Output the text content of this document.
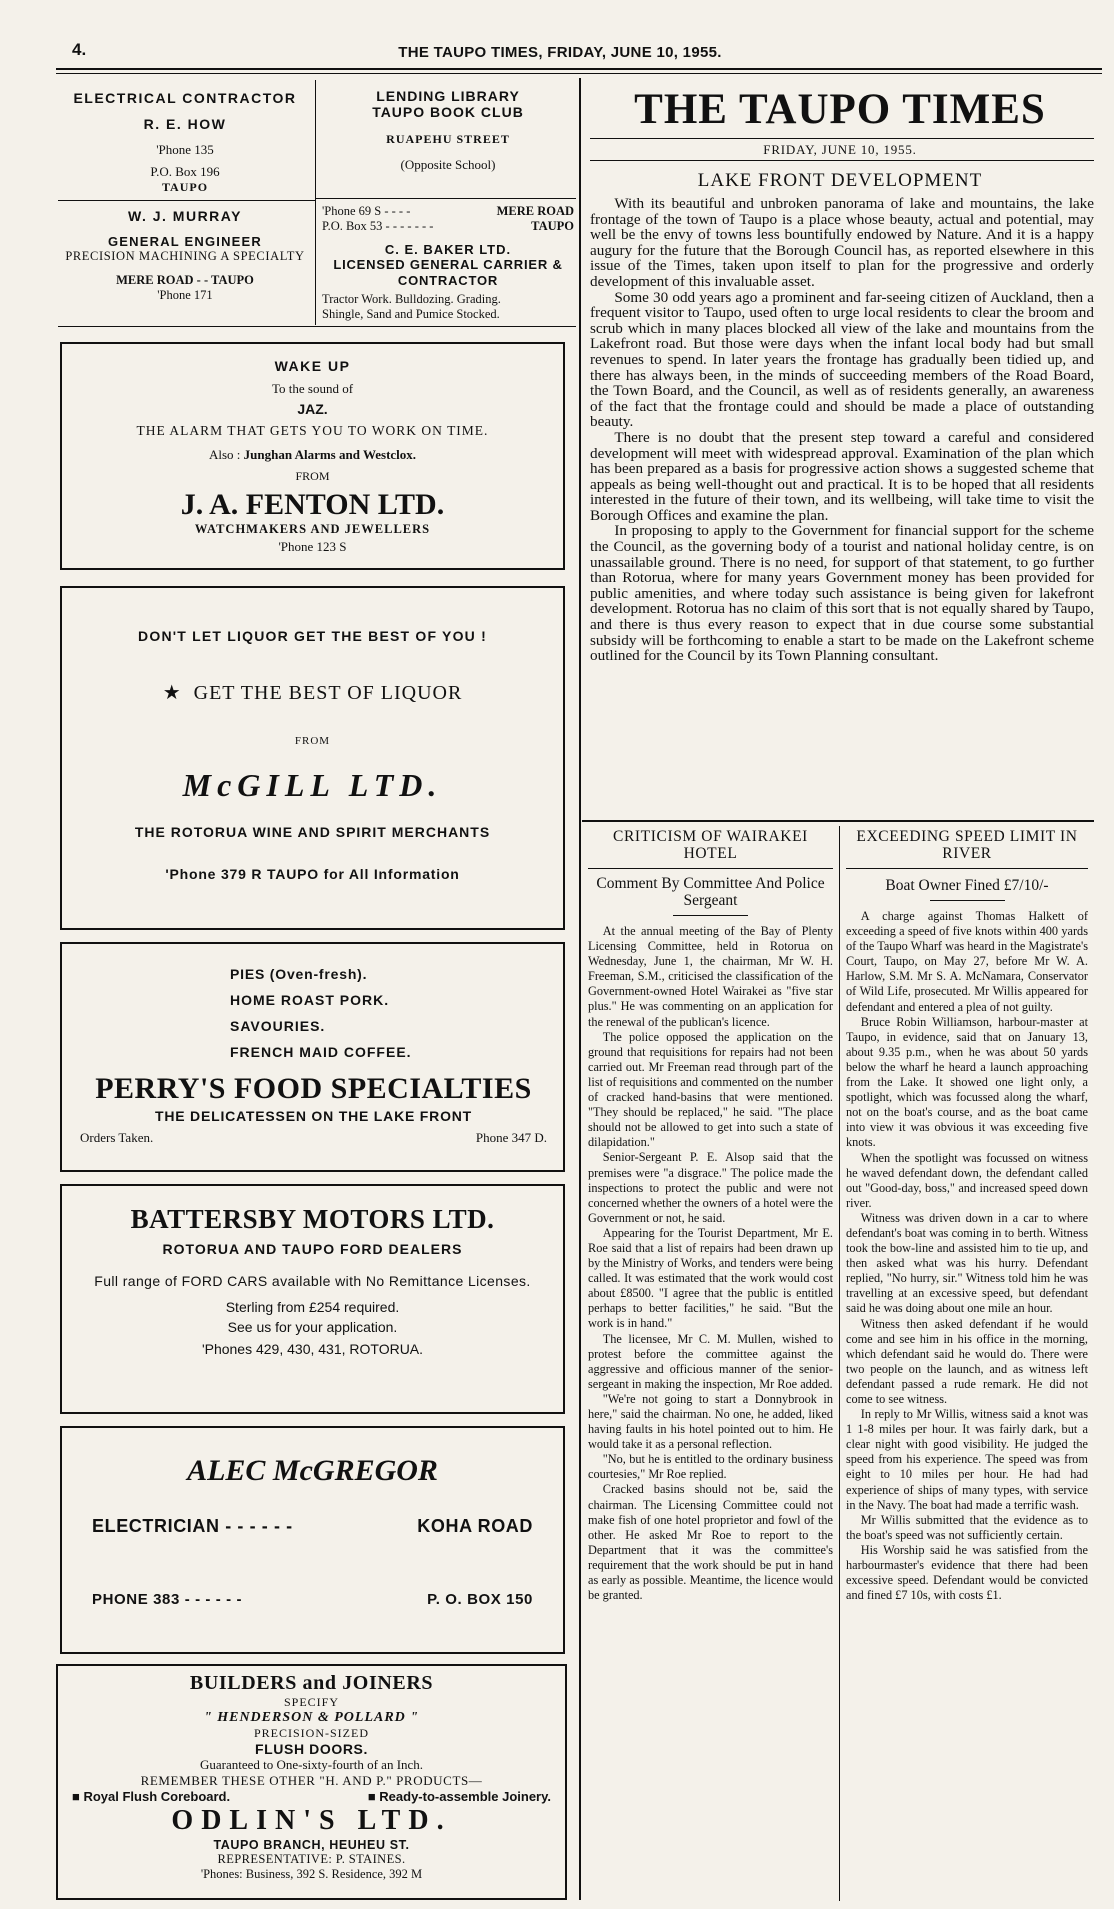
4.	THE TAUPO TIMES, FRIDAY, JUNE 10, 1955.
ELECTRICAL CONTRACTOR
R. E. HOW
'Phone 135
P.O. Box 196
TAUPO
LENDING LIBRARY
TAUPO BOOK CLUB
RUAPEHU STREET
(Opposite School)
W. J. MURRAY
GENERAL ENGINEER
PRECISION MACHINING A SPECIALTY
MERE ROAD - - TAUPO
'Phone 171
'Phone 69 S - - - -	MERE ROAD
P.O. Box 53 - - - - - - -	TAUPO
C. E. BAKER LTD.
LICENSED GENERAL CARRIER & CONTRACTOR
Tractor Work. Bulldozing. Grading.
Shingle, Sand and Pumice Stocked.
WAKE UP
To the sound of
JAZ.
THE ALARM THAT GETS YOU TO WORK ON TIME.
Also : Junghan Alarms and Westclox.
FROM
J. A. FENTON LTD.
WATCHMAKERS AND JEWELLERS
'Phone 123 S
DON'T LET LIQUOR GET THE BEST OF YOU !
★ GET THE BEST OF LIQUOR
FROM
McGILL LTD.
THE ROTORUA WINE AND SPIRIT MERCHANTS
'Phone 379 R TAUPO for All Information
PIES (Oven-fresh).
HOME ROAST PORK.
SAVOURIES.
FRENCH MAID COFFEE.
PERRY'S FOOD SPECIALTIES
THE DELICATESSEN ON THE LAKE FRONT
Orders Taken.	Phone 347 D.
BATTERSBY MOTORS LTD.
ROTORUA AND TAUPO FORD DEALERS
Full range of FORD CARS available with No Remittance Licenses.
Sterling from £254 required.
See us for your application.
'Phones 429, 430, 431, ROTORUA.
ALEC McGREGOR
ELECTRICIAN - - - - - -	KOHA ROAD
PHONE 383 - - - - - -	P. O. BOX 150
BUILDERS and JOINERS
SPECIFY
" HENDERSON & POLLARD "
PRECISION-SIZED
FLUSH DOORS.
Guaranteed to One-sixty-fourth of an Inch.
REMEMBER THESE OTHER "H. AND P." PRODUCTS—
■ Royal Flush Coreboard.	■ Ready-to-assemble Joinery.
ODLIN'S LTD.
TAUPO BRANCH, HEUHEU ST.
REPRESENTATIVE: P. STAINES.
'Phones: Business, 392 S. Residence, 392 M
THE TAUPO TIMES
FRIDAY, JUNE 10, 1955.
LAKE FRONT DEVELOPMENT

With its beautiful and unbroken panorama of lake and mountains, the lake frontage of the town of Taupo is a place whose beauty, actual and potential, may well be the envy of towns less bountifully endowed by Nature. And it is a happy augury for the future that the Borough Council has, as reported elsewhere in this issue of the Times, taken upon itself to plan for the progressive and orderly development of this invaluable asset.

Some 30 odd years ago a prominent and far-seeing citizen of Auckland, then a frequent visitor to Taupo, used often to urge local residents to clear the broom and scrub which in many places blocked all view of the lake and mountains from the Lakefront road. But those were days when the infant local body had but small revenues to spend. In later years the frontage has gradually been tidied up, and there has always been, in the minds of succeeding members of the Road Board, the Town Board, and the Council, as well as of residents generally, an awareness of the fact that the frontage could and should be made a place of outstanding beauty.

There is no doubt that the present step toward a careful and considered development will meet with widespread approval. Examination of the plan which has been prepared as a basis for progressive action shows a suggested scheme that appeals as being well-thought out and practical. It is to be hoped that all residents interested in the future of their town, and its wellbeing, will take time to visit the Borough Offices and examine the plan.

In proposing to apply to the Government for financial support for the scheme the Council, as the governing body of a tourist and national holiday centre, is on unassailable ground. There is no need, for support of that statement, to go further than Rotorua, where for many years Government money has been provided for public amenities, and where today such assistance is being given for lakefront development. Rotorua has no claim of this sort that is not equally shared by Taupo, and there is thus every reason to expect that in due course some substantial subsidy will be forthcoming to enable a start to be made on the Lakefront scheme outlined for the Council by its Town Planning consultant.

CRITICISM OF WAIRAKEI HOTEL
Comment By Committee And Police Sergeant

At the annual meeting of the Bay of Plenty Licensing Committee, held in Rotorua on Wednesday, June 1, the chairman, Mr W. H. Freeman, S.M., criticised the classification of the Government-owned Hotel Wairakei as "five star plus." He was commenting on an application for the renewal of the publican's licence.

The police opposed the application on the ground that requisitions for repairs had not been carried out. Mr Freeman read through part of the list of requisitions and commented on the number of cracked hand-basins that were mentioned. "They should be replaced," he said. "The place should not be allowed to get into such a state of dilapidation."

Senior-Sergeant P. E. Alsop said that the premises were "a disgrace." The police made the inspections to protect the public and were not concerned whether the owners of a hotel were the Government or not, he said.

Appearing for the Tourist Department, Mr E. Roe said that a list of repairs had been drawn up by the Ministry of Works, and tenders were being called. It was estimated that the work would cost about £8500. "I agree that the public is entitled perhaps to better facilities," he said. "But the work is in hand."

The licensee, Mr C. M. Mullen, wished to protest before the committee against the aggressive and officious manner of the senior-sergeant in making the inspection, Mr Roe added.

"We're not going to start a Donnybrook in here," said the chairman. No one, he added, liked having faults in his hotel pointed out to him. He would take it as a personal reflection.

"No, but he is entitled to the ordinary business courtesies," Mr Roe replied.

Cracked basins should not be, said the chairman. The Licensing Committee could not make fish of one hotel proprietor and fowl of the other. He asked Mr Roe to report to the Department that it was the committee's requirement that the work should be put in hand as early as possible. Meantime, the licence would be granted.

EXCEEDING SPEED LIMIT IN RIVER
Boat Owner Fined £7/10/-

A charge against Thomas Halkett of exceeding a speed of five knots within 400 yards of the Taupo Wharf was heard in the Magistrate's Court, Taupo, on May 27, before Mr W. A. Harlow, S.M. Mr S. A. McNamara, Conservator of Wild Life, prosecuted. Mr Willis appeared for defendant and entered a plea of not guilty.

Bruce Robin Williamson, harbour-master at Taupo, in evidence, said that on January 13, about 9.35 p.m., when he was about 50 yards below the wharf he heard a launch approaching from the Lake. It showed one light only, a spotlight, which was focussed along the wharf, not on the boat's course, and as the boat came into view it was obvious it was exceeding five knots.

When the spotlight was focussed on witness he waved defendant down, the defendant called out "Good-day, boss," and increased speed down river.

Witness was driven down in a car to where defendant's boat was coming in to berth. Witness took the bow-line and assisted him to tie up, and then asked what was his hurry. Defendant replied, "No hurry, sir." Witness told him he was travelling at an excessive speed, but defendant said he was doing about one mile an hour.

Witness then asked defendant if he would come and see him in his office in the morning, which defendant said he would do. There were two people on the launch, and as witness left defendant passed a rude remark. He did not come to see witness.

In reply to Mr Willis, witness said a knot was 1 1-8 miles per hour. It was fairly dark, but a clear night with good visibility. He judged the speed from his experience. The speed was from eight to 10 miles per hour. He had had experience of ships of many types, with service in the Navy. The boat had made a terrific wash.

Mr Willis submitted that the evidence as to the boat's speed was not sufficiently certain.

His Worship said he was satisfied from the harbourmaster's evidence that there had been excessive speed. Defendant would be convicted and fined £7 10s, with costs £1.
